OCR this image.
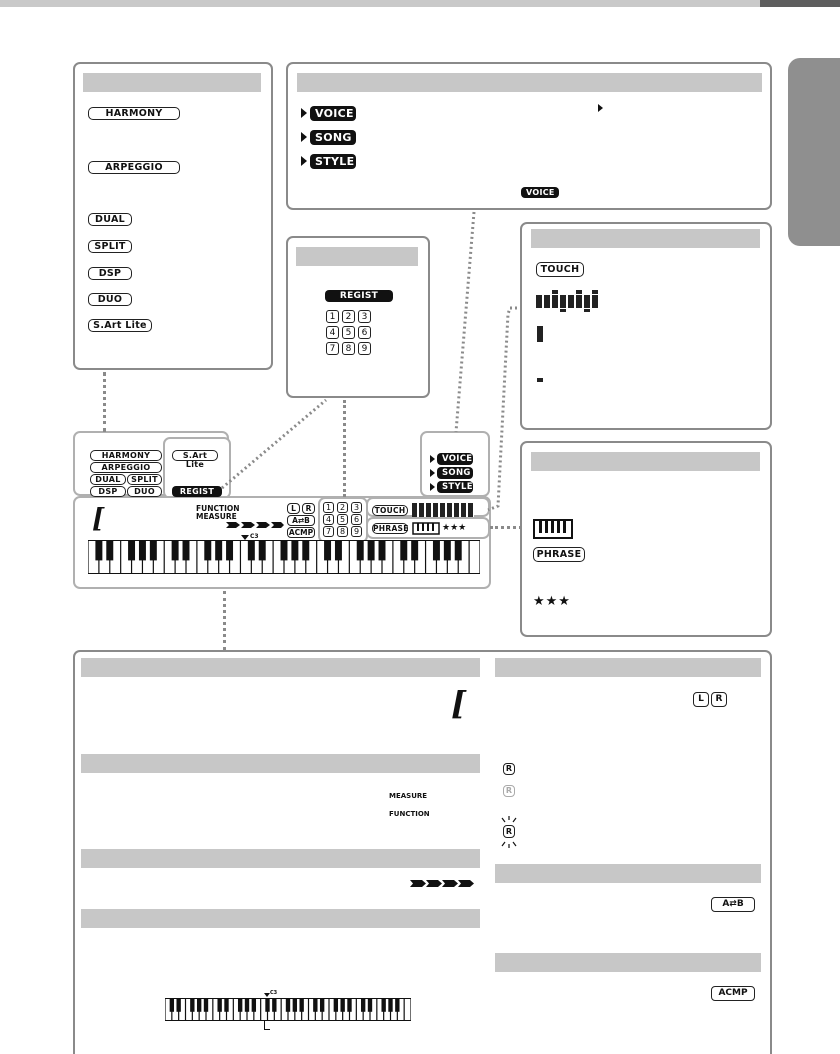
HARMONY
ARPEGGIO
DUAL
SPLIT
DSP
DUO
S.Art Lite
VOICE
SONG
STYLE
VOICE
REGIST
1	2	3
4	5	6
7	8	9
TOUCH
PHRASE
★★★
HARMONY
ARPEGGIO
DUAL	SPLIT
DSP	DUO
S.Art Lite
REGIST
VOICE
SONG
STYLE
[	FUNCTION
MEASURE
L	R
A⇄B
ACMP
C3
1	2	3
4	5	6
7	8	9
TOUCH
PHRASE	★★★
[
MEASURE
FUNCTION
C3
L	R
R
R
R
A⇄B
ACMP
